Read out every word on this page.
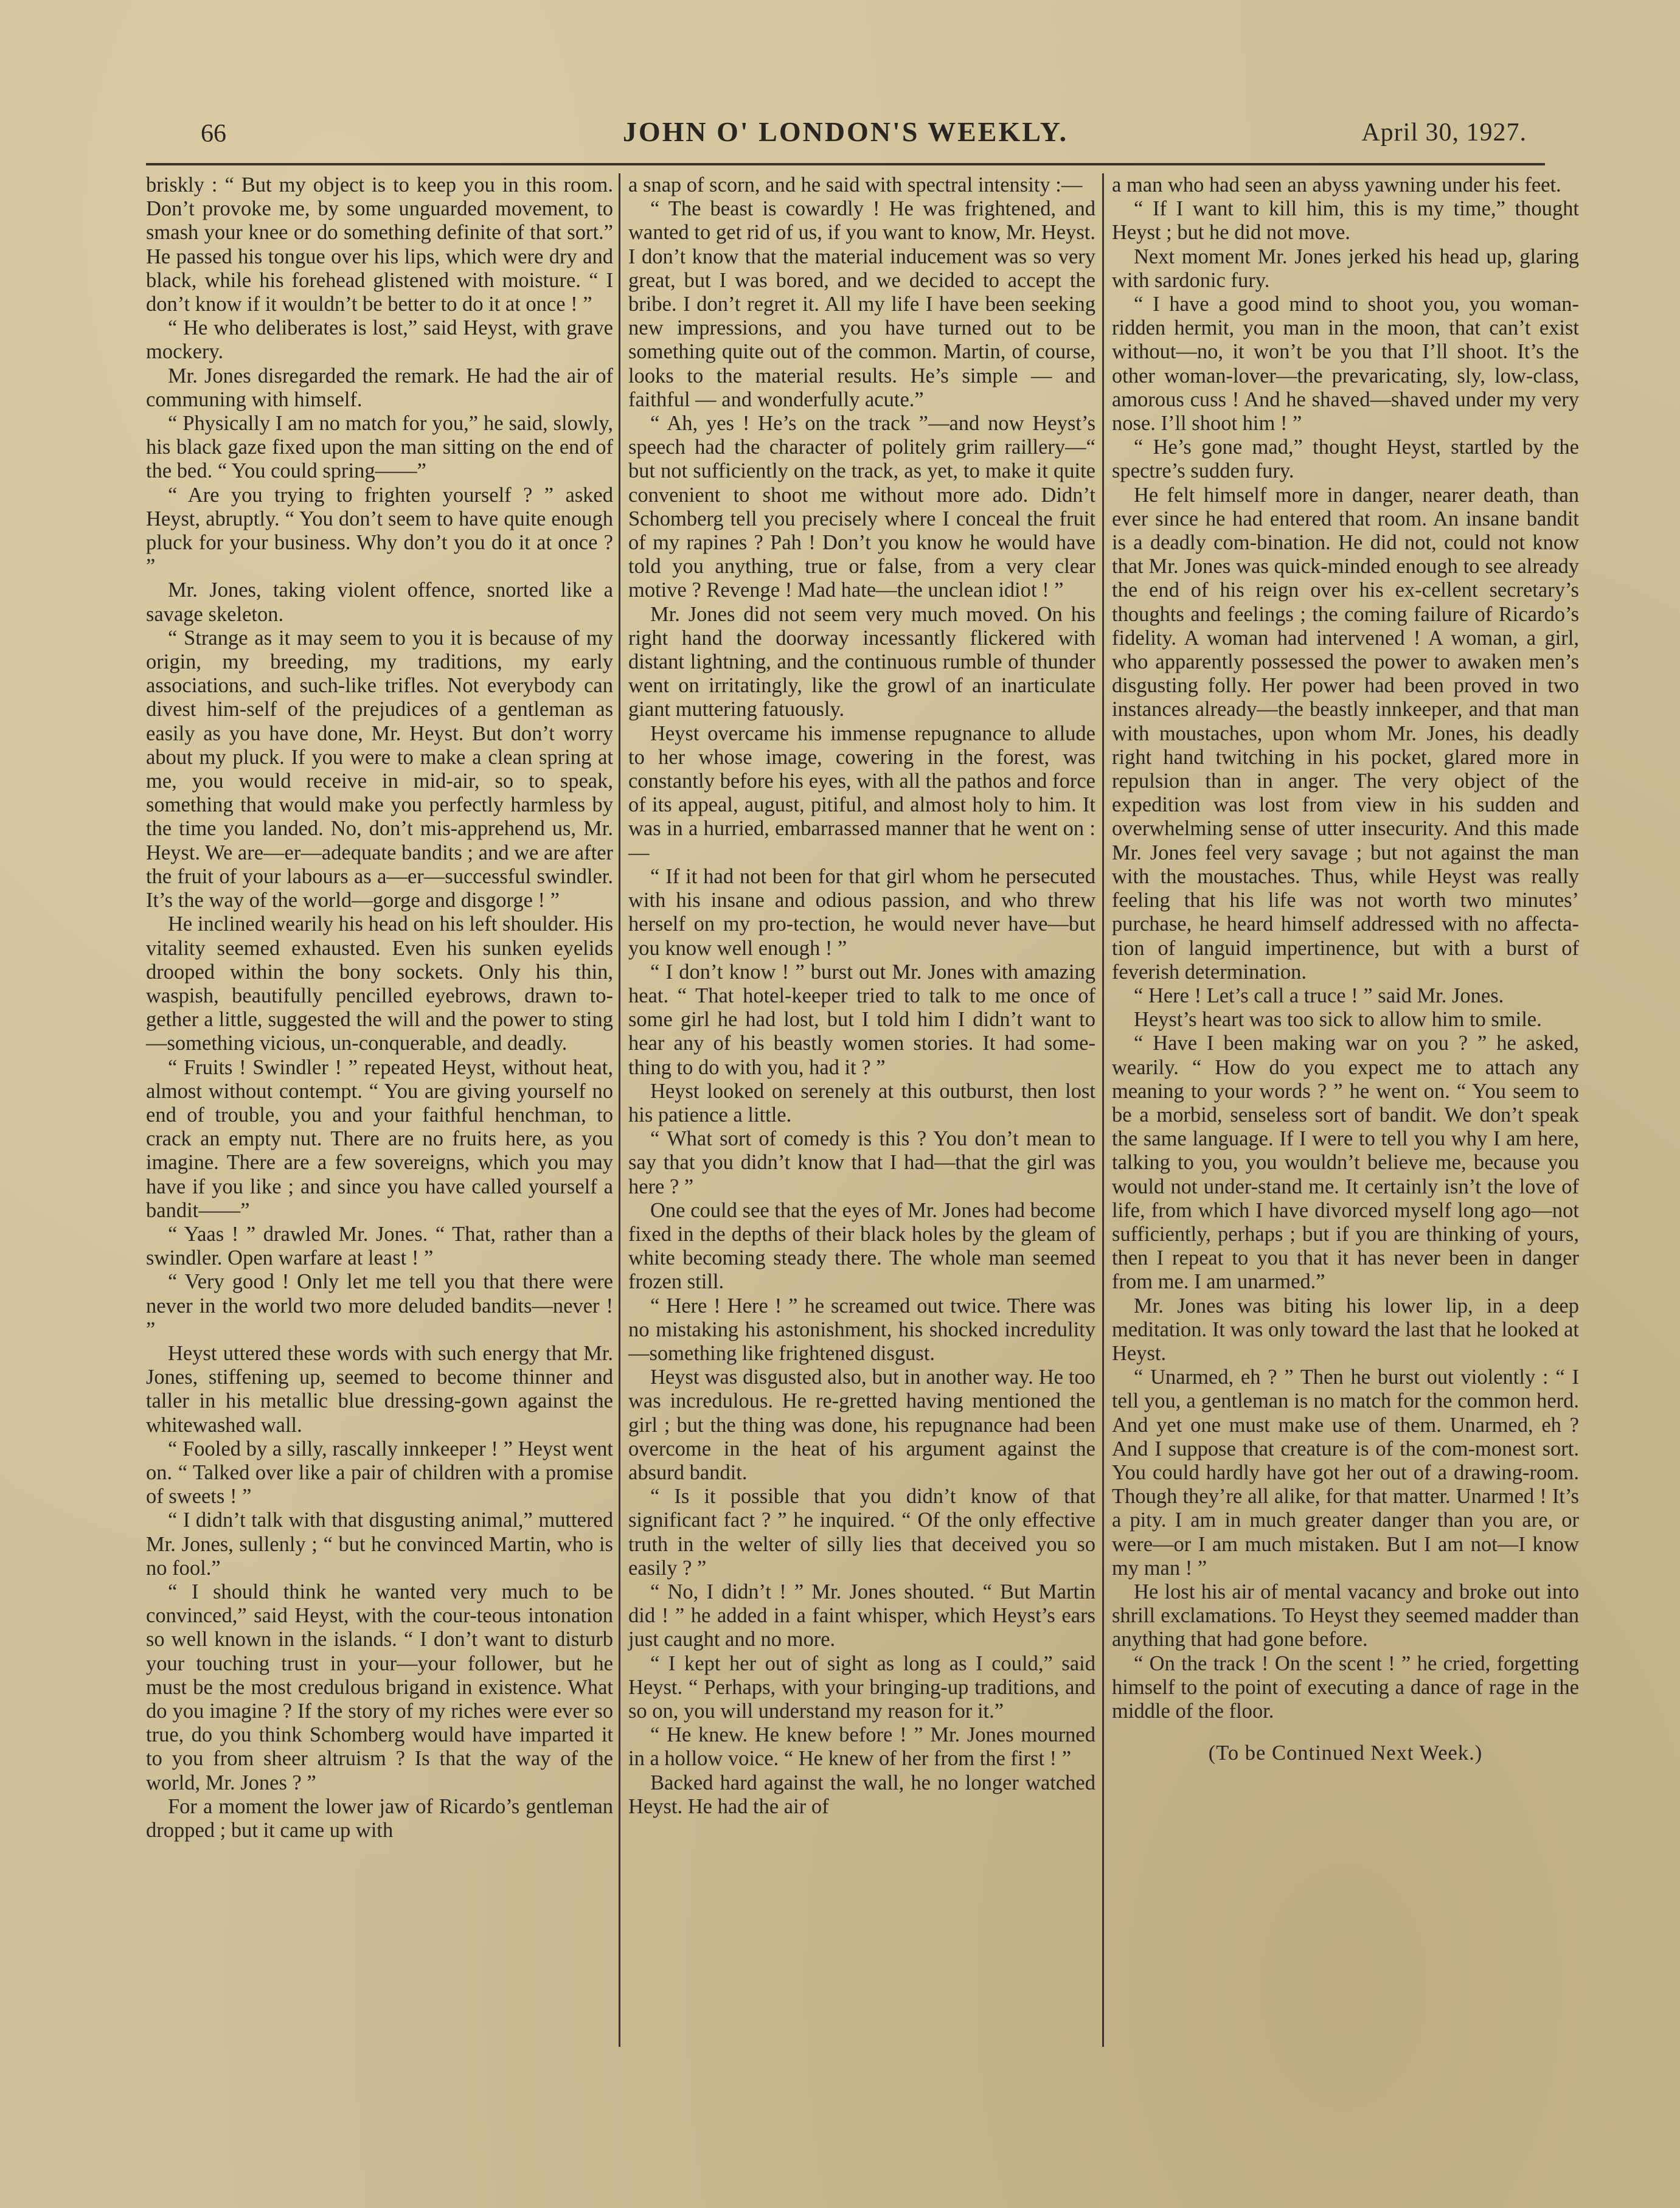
66	JOHN O' LONDON'S WEEKLY.	April 30, 1927.

briskly : “ But my object is to keep you in this room. Don’t provoke me, by some unguarded movement, to smash your knee or do something definite of that sort.” He passed his tongue over his lips, which were dry and black, while his forehead glistened with moisture. “ I don’t know if it wouldn’t be better to do it at once ! ”

“ He who deliberates is lost,” said Heyst, with grave mockery.

Mr. Jones disregarded the remark. He had the air of communing with himself.

“ Physically I am no match for you,” he said, slowly, his black gaze fixed upon the man sitting on the end of the bed. “ You could spring——”

“ Are you trying to frighten yourself ? ” asked Heyst, abruptly. “ You don’t seem to have quite enough pluck for your business. Why don’t you do it at once ? ”

Mr. Jones, taking violent offence, snorted like a savage skeleton.

“ Strange as it may seem to you it is because of my origin, my breeding, my traditions, my early associations, and such-like trifles. Not everybody can divest him-self of the prejudices of a gentleman as easily as you have done, Mr. Heyst. But don’t worry about my pluck. If you were to make a clean spring at me, you would receive in mid-air, so to speak, something that would make you perfectly harmless by the time you landed. No, don’t mis-apprehend us, Mr. Heyst. We are—er—adequate bandits ; and we are after the fruit of your labours as a—er—successful swindler. It’s the way of the world—gorge and disgorge ! ”

He inclined wearily his head on his left shoulder. His vitality seemed exhausted. Even his sunken eyelids drooped within the bony sockets. Only his thin, waspish, beautifully pencilled eyebrows, drawn to-gether a little, suggested the will and the power to sting—something vicious, un-conquerable, and deadly.

“ Fruits ! Swindler ! ” repeated Heyst, without heat, almost without contempt. “ You are giving yourself no end of trouble, you and your faithful henchman, to crack an empty nut. There are no fruits here, as you imagine. There are a few sovereigns, which you may have if you like ; and since you have called yourself a bandit——”

“ Yaas ! ” drawled Mr. Jones. “ That, rather than a swindler. Open warfare at least ! ”

“ Very good ! Only let me tell you that there were never in the world two more deluded bandits—never ! ”

Heyst uttered these words with such energy that Mr. Jones, stiffening up, seemed to become thinner and taller in his metallic blue dressing-gown against the whitewashed wall.

“ Fooled by a silly, rascally innkeeper ! ” Heyst went on. “ Talked over like a pair of children with a promise of sweets ! ”

“ I didn’t talk with that disgusting animal,” muttered Mr. Jones, sullenly ; “ but he convinced Martin, who is no fool.”

“ I should think he wanted very much to be convinced,” said Heyst, with the cour-teous intonation so well known in the islands. “ I don’t want to disturb your touching trust in your—your follower, but he must be the most credulous brigand in existence. What do you imagine ? If the story of my riches were ever so true, do you think Schomberg would have imparted it to you from sheer altruism ? Is that the way of the world, Mr. Jones ? ”

For a moment the lower jaw of Ricardo’s gentleman dropped ; but it came up with

a snap of scorn, and he said with spectral intensity :—

“ The beast is cowardly ! He was frightened, and wanted to get rid of us, if you want to know, Mr. Heyst. I don’t know that the material inducement was so very great, but I was bored, and we decided to accept the bribe. I don’t regret it. All my life I have been seeking new impressions, and you have turned out to be something quite out of the common. Martin, of course, looks to the material results. He’s simple — and faithful — and wonderfully acute.”

“ Ah, yes ! He’s on the track ”—and now Heyst’s speech had the character of politely grim raillery—“ but not sufficiently on the track, as yet, to make it quite convenient to shoot me without more ado. Didn’t Schomberg tell you precisely where I conceal the fruit of my rapines ? Pah ! Don’t you know he would have told you anything, true or false, from a very clear motive ? Revenge ! Mad hate—the unclean idiot ! ”

Mr. Jones did not seem very much moved. On his right hand the doorway incessantly flickered with distant lightning, and the continuous rumble of thunder went on irritatingly, like the growl of an inarticulate giant muttering fatuously.

Heyst overcame his immense repugnance to allude to her whose image, cowering in the forest, was constantly before his eyes, with all the pathos and force of its appeal, august, pitiful, and almost holy to him. It was in a hurried, embarrassed manner that he went on :—

“ If it had not been for that girl whom he persecuted with his insane and odious passion, and who threw herself on my pro-tection, he would never have—but you know well enough ! ”

“ I don’t know ! ” burst out Mr. Jones with amazing heat. “ That hotel-keeper tried to talk to me once of some girl he had lost, but I told him I didn’t want to hear any of his beastly women stories. It had some-thing to do with you, had it ? ”

Heyst looked on serenely at this outburst, then lost his patience a little.

“ What sort of comedy is this ? You don’t mean to say that you didn’t know that I had—that the girl was here ? ”

One could see that the eyes of Mr. Jones had become fixed in the depths of their black holes by the gleam of white becoming steady there. The whole man seemed frozen still.

“ Here ! Here ! ” he screamed out twice. There was no mistaking his astonishment, his shocked incredulity—something like frightened disgust.

Heyst was disgusted also, but in another way. He too was incredulous. He re-gretted having mentioned the girl ; but the thing was done, his repugnance had been overcome in the heat of his argument against the absurd bandit.

“ Is it possible that you didn’t know of that significant fact ? ” he inquired. “ Of the only effective truth in the welter of silly lies that deceived you so easily ? ”

“ No, I didn’t ! ” Mr. Jones shouted. “ But Martin did ! ” he added in a faint whisper, which Heyst’s ears just caught and no more.

“ I kept her out of sight as long as I could,” said Heyst. “ Perhaps, with your bringing-up traditions, and so on, you will understand my reason for it.”

“ He knew. He knew before ! ” Mr. Jones mourned in a hollow voice. “ He knew of her from the first ! ”

Backed hard against the wall, he no longer watched Heyst. He had the air of

a man who had seen an abyss yawning under his feet.

“ If I want to kill him, this is my time,” thought Heyst ; but he did not move.

Next moment Mr. Jones jerked his head up, glaring with sardonic fury.

“ I have a good mind to shoot you, you woman-ridden hermit, you man in the moon, that can’t exist without—no, it won’t be you that I’ll shoot. It’s the other woman-lover—the prevaricating, sly, low-class, amorous cuss ! And he shaved—shaved under my very nose. I’ll shoot him ! ”

“ He’s gone mad,” thought Heyst, startled by the spectre’s sudden fury.

He felt himself more in danger, nearer death, than ever since he had entered that room. An insane bandit is a deadly com-bination. He did not, could not know that Mr. Jones was quick-minded enough to see already the end of his reign over his ex-cellent secretary’s thoughts and feelings ; the coming failure of Ricardo’s fidelity. A woman had intervened ! A woman, a girl, who apparently possessed the power to awaken men’s disgusting folly. Her power had been proved in two instances already—the beastly innkeeper, and that man with moustaches, upon whom Mr. Jones, his deadly right hand twitching in his pocket, glared more in repulsion than in anger. The very object of the expedition was lost from view in his sudden and overwhelming sense of utter insecurity. And this made Mr. Jones feel very savage ; but not against the man with the moustaches. Thus, while Heyst was really feeling that his life was not worth two minutes’ purchase, he heard himself addressed with no affecta-tion of languid impertinence, but with a burst of feverish determination.

“ Here ! Let’s call a truce ! ” said Mr. Jones.

Heyst’s heart was too sick to allow him to smile.

“ Have I been making war on you ? ” he asked, wearily. “ How do you expect me to attach any meaning to your words ? ” he went on. “ You seem to be a morbid, senseless sort of bandit. We don’t speak the same language. If I were to tell you why I am here, talking to you, you wouldn’t believe me, because you would not under-stand me. It certainly isn’t the love of life, from which I have divorced myself long ago—not sufficiently, perhaps ; but if you are thinking of yours, then I repeat to you that it has never been in danger from me. I am unarmed.”

Mr. Jones was biting his lower lip, in a deep meditation. It was only toward the last that he looked at Heyst.

“ Unarmed, eh ? ” Then he burst out violently : “ I tell you, a gentleman is no match for the common herd. And yet one must make use of them. Unarmed, eh ? And I suppose that creature is of the com-monest sort. You could hardly have got her out of a drawing-room. Though they’re all alike, for that matter. Unarmed ! It’s a pity. I am in much greater danger than you are, or were—or I am much mistaken. But I am not—I know my man ! ”

He lost his air of mental vacancy and broke out into shrill exclamations. To Heyst they seemed madder than anything that had gone before.

“ On the track ! On the scent ! ” he cried, forgetting himself to the point of executing a dance of rage in the middle of the floor.

(To be Continued Next Week.)
